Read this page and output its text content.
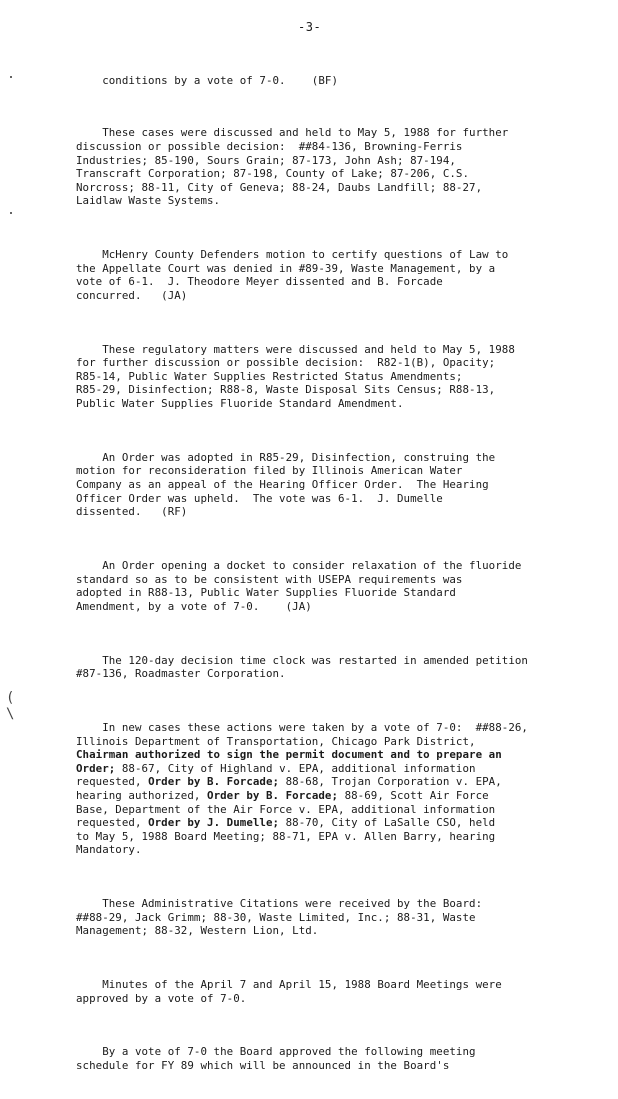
-3-
(
\

conditions by a vote of 7-0.    (BF)

These cases were discussed and held to May 5, 1988 for further
discussion or possible decision:  ##84-136, Browning-Ferris
Industries; 85-190, Sours Grain; 87-173, John Ash; 87-194,
Transcraft Corporation; 87-198, County of Lake; 87-206, C.S.
Norcross; 88-11, City of Geneva; 88-24, Daubs Landfill; 88-27,
Laidlaw Waste Systems.

McHenry County Defenders motion to certify questions of Law to
the Appellate Court was denied in #89-39, Waste Management, by a
vote of 6-1.  J. Theodore Meyer dissented and B. Forcade
concurred.   (JA)

These regulatory matters were discussed and held to May 5, 1988
for further discussion or possible decision:  R82-1(B), Opacity;
R85-14, Public Water Supplies Restricted Status Amendments;
R85-29, Disinfection; R88-8, Waste Disposal Sits Census; R88-13,
Public Water Supplies Fluoride Standard Amendment.

An Order was adopted in R85-29, Disinfection, construing the
motion for reconsideration filed by Illinois American Water
Company as an appeal of the Hearing Officer Order.  The Hearing
Officer Order was upheld.  The vote was 6-1.  J. Dumelle
dissented.   (RF)

An Order opening a docket to consider relaxation of the fluoride
standard so as to be consistent with USEPA requirements was
adopted in R88-13, Public Water Supplies Fluoride Standard
Amendment, by a vote of 7-0.    (JA)

The 120-day decision time clock was restarted in amended petition
#87-136, Roadmaster Corporation.

In new cases these actions were taken by a vote of 7-0:  ##88-26,
Illinois Department of Transportation, Chicago Park District,
Chairman authorized to sign the permit document and to prepare an
Order; 88-67, City of Highland v. EPA, additional information
requested, Order by B. Forcade; 88-68, Trojan Corporation v. EPA,
hearing authorized, Order by B. Forcade; 88-69, Scott Air Force
Base, Department of the Air Force v. EPA, additional information
requested, Order by J. Dumelle; 88-70, City of LaSalle CSO, held
to May 5, 1988 Board Meeting; 88-71, EPA v. Allen Barry, hearing
Mandatory.

These Administrative Citations were received by the Board:
##88-29, Jack Grimm; 88-30, Waste Limited, Inc.; 88-31, Waste
Management; 88-32, Western Lion, Ltd.

Minutes of the April 7 and April 15, 1988 Board Meetings were
approved by a vote of 7-0.

By a vote of 7-0 the Board approved the following meeting
schedule for FY 89 which will be announced in the Board's
